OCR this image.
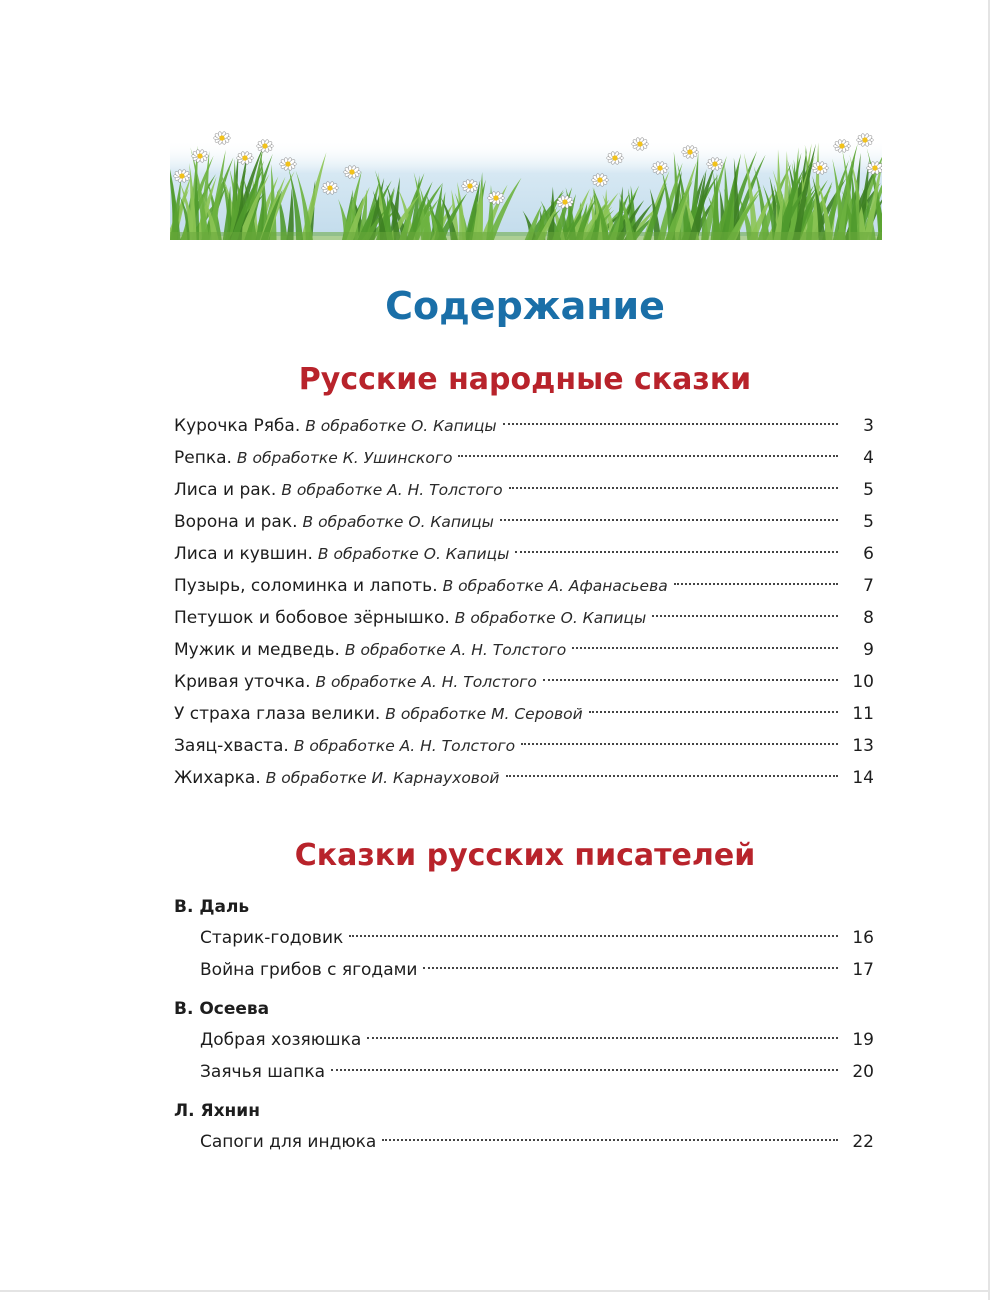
Содержание
Русские народные сказки
Курочка Ряба. В обработке О. Капицы	3
Репка. В обработке К. Ушинского	4
Лиса и рак. В обработке А. Н. Толстого	5
Ворона и рак. В обработке О. Капицы	5
Лиса и кувшин. В обработке О. Капицы	6
Пузырь, соломинка и лапоть. В обработке А. Афанасьева	7
Петушок и бобовое зёрнышко. В обработке О. Капицы	8
Мужик и медведь. В обработке А. Н. Толстого	9
Кривая уточка. В обработке А. Н. Толстого	10
У страха глаза велики. В обработке М. Серовой	11
Заяц-хваста. В обработке А. Н. Толстого	13
Жихарка. В обработке И. Карнауховой	14
Сказки русских писателей
В. Даль
Старик-годовик	16
Война грибов с ягодами	17
В. Осеева
Добрая хозяюшка	19
Заячья шапка	20
Л. Яхнин
Сапоги для индюка	22
